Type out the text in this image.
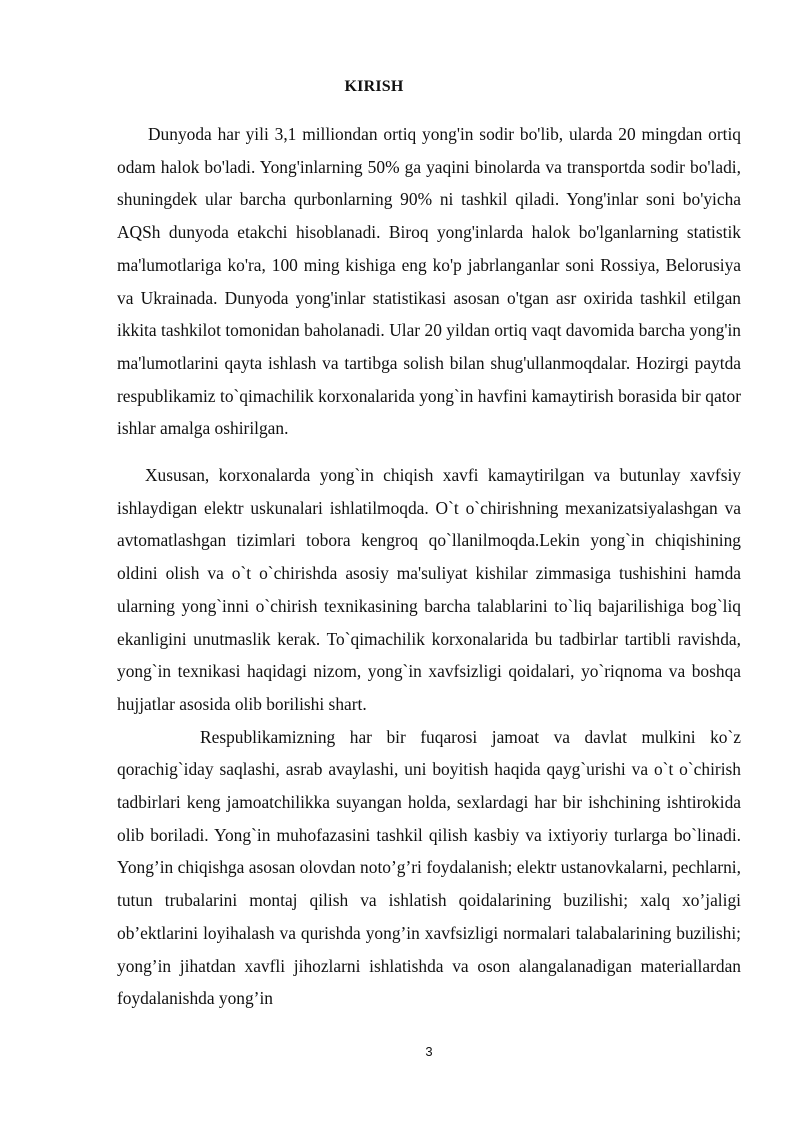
KIRISH

Dunyoda har yili 3,1 milliondan ortiq yong'in sodir bo'lib, ularda 20 mingdan ortiq odam halok bo'ladi. Yong'inlarning 50% ga yaqini binolarda va transportda sodir bo'ladi, shuningdek ular barcha qurbonlarning 90% ni tashkil qiladi. Yong'inlar soni bo'yicha AQSh dunyoda etakchi hisoblanadi. Biroq yong'inlarda halok bo'lganlarning statistik ma'lumotlariga ko'ra, 100 ming kishiga eng ko'p jabrlanganlar soni Rossiya, Belorusiya va Ukrainada. Dunyoda yong'inlar statistikasi asosan o'tgan asr oxirida tashkil etilgan ikkita tashkilot tomonidan baholanadi. Ular 20 yildan ortiq vaqt davomida barcha yong'in ma'lumotlarini qayta ishlash va tartibga solish bilan shug'ullanmoqdalar. Hozirgi paytda respublikamiz to`qimachilik korxonalarida yong`in havfini kamaytirish borasida bir qator ishlar amalga oshirilgan.

Xususan, korxonalarda yong`in chiqish xavfi kamaytirilgan va butunlay xavfsiy ishlaydigan elektr uskunalari ishlatilmoqda. O`t o`chirishning mexanizatsiyalashgan va avtomatlashgan tizimlari tobora kengroq qo`llanilmoqda.Lekin yong`in chiqishining oldini olish va o`t o`chirishda asosiy ma'suliyat kishilar zimmasiga tushishini hamda ularning yong`inni o`chirish texnikasining barcha talablarini to`liq bajarilishiga bog`liq ekanligini unutmaslik kerak. To`qimachilik korxonalarida bu tadbirlar tartibli ravishda, yong`in texnikasi haqidagi nizom, yong`in xavfsizligi qoidalari, yo`riqnoma va boshqa hujjatlar asosida olib borilishi shart.

Respublikamizning har bir fuqarosi jamoat va davlat mulkini ko`z qorachig`iday saqlashi, asrab avaylashi, uni boyitish haqida qayg`urishi va o`t o`chirish tadbirlari keng jamoatchilikka suyangan holda, sexlardagi har bir ishchining ishtirokida olib boriladi. Yong`in muhofazasini tashkil qilish kasbiy va ixtiyoriy turlarga bo`linadi. Yong’in chiqishga asosan olovdan noto’g’ri foydalanish; elektr ustanovkalarni, pechlarni, tutun trubalarini montaj qilish va ishlatish qoidalarining buzilishi; xalq xo’jaligi ob’ektlarini loyihalash va qurishda yong’in xavfsizligi normalari talabalarining buzilishi; yong’in jihatdan xavfli jihozlarni ishlatishda va oson alangalanadigan materiallardan foydalanishda yong’in

3
